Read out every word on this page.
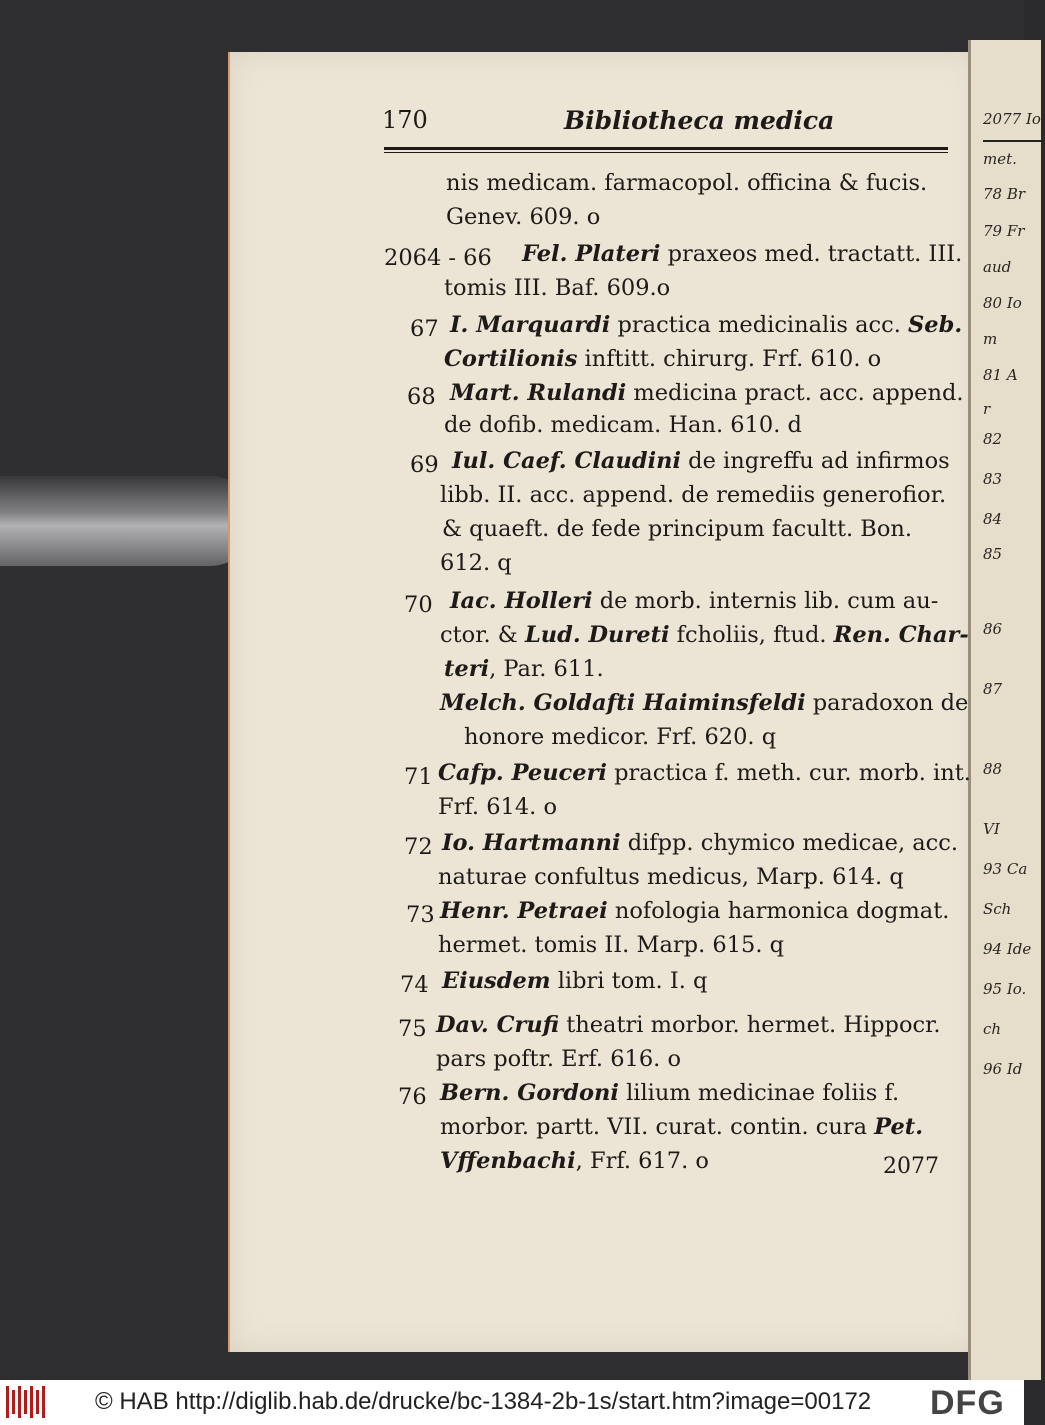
2077 Io.
met.
78 Br
79 Fr
aud
80 Io
m
81 A
r
82
83
84
85
86
87
88
VI
93 Ca
Sch
94 Ide
95 Io.
ch
96 Id
170	Bibliotheca medica
nis medicam. farmacopol. officina & fucis.
Genev. 609. o
2064 - 66 Fel. Plateri praxeos med. tractatt. III.
tomis III. Baf. 609.o
67 I. Marquardi practica medicinalis acc. Seb.
Cortilionis inftitt. chirurg. Frf. 610. o
68 Mart. Rulandi medicina pract. acc. append.
de dofib. medicam. Han. 610. d
69 Iul. Caef. Claudini de ingreffu ad infirmos
libb. II. acc. append. de remediis generofior.
& quaeft. de fede principum facultt. Bon.
612. q
70 Iac. Holleri de morb. internis lib. cum au-
ctor. & Lud. Dureti fcholiis, ftud. Ren. Char-
teri, Par. 611.
Melch. Goldafti Haiminsfeldi paradoxon de
honore medicor. Frf. 620. q
71 Cafp. Peuceri practica f. meth. cur. morb. int.
Frf. 614. o
72 Io. Hartmanni difpp. chymico medicae, acc.
naturae confultus medicus, Marp. 614. q
73 Henr. Petraei nofologia harmonica dogmat.
hermet. tomis II. Marp. 615. q
74 Eiusdem libri tom. I. q
75 Dav. Crufi theatri morbor. hermet. Hippocr.
pars poftr. Erf. 616. o
76 Bern. Gordoni lilium medicinae foliis f.
morbor. partt. VII. curat. contin. cura Pet.
Vffenbachi, Frf. 617. o	2077
© HAB http://diglib.hab.de/drucke/bc-1384-2b-1s/start.htm?image=00172 DFG
